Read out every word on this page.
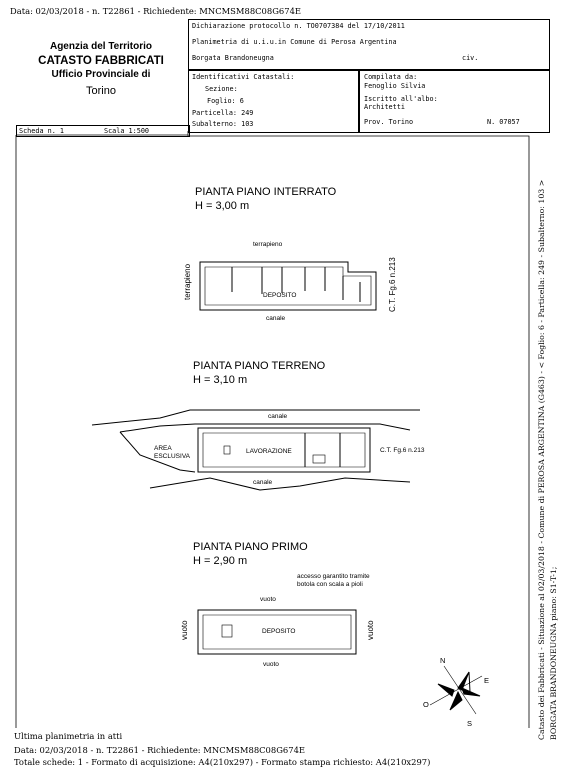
Data: 02/03/2018 - n. T22861 - Richiedente: MNCMSM88C08G674E
Agenzia del Territorio
CATASTO FABBRICATI
Ufficio Provinciale di
Torino
Dichiarazione protocollo n. TO0707384 del 17/10/2011
Planimetria di u.i.u.in Comune di Perosa Argentina
Borgata Brandoneugna	civ.
Identificativi Catastali:
Sezione:
Foglio: 6
Particella: 249
Subalterno: 103
Compilata da:
Fenoglio Silvia
Iscritto all'albo:
Architetti
Prov. Torino	N. 07057
Scheda n. 1	Scala 1:500
PIANTA PIANO INTERRATO
H = 3,00 m
terrapieno
terrapieno	DEPOSITO
canale
C.T. Fg.6 n.213
PIANTA PIANO TERRENO
H = 3,10 m
canale
AREA
ESCLUSIVA
LAVORAZIONE
canale
C.T. Fg.6 n.213
PIANTA PIANO PRIMO
H = 2,90 m
accesso garantito tramite
botola con scala a pioli
vuoto
vuoto	vuoto
DEPOSITO
vuoto	N
E
S
O	Catasto dei Fabbricati - Situazione al 02/03/2018 - Comune di PEROSA ARGENTINA (G463) - < Foglio: 6 - Particella: 249 - Subalterno: 103 > BORGATA BRANDONEUGNA piano: S1-T-1;
Ultima planimetria in atti
Data: 02/03/2018 - n. T22861 - Richiedente: MNCMSM88C08G674E
Totale schede: 1 - Formato di acquisizione: A4(210x297) - Formato stampa richiesto: A4(210x297)
